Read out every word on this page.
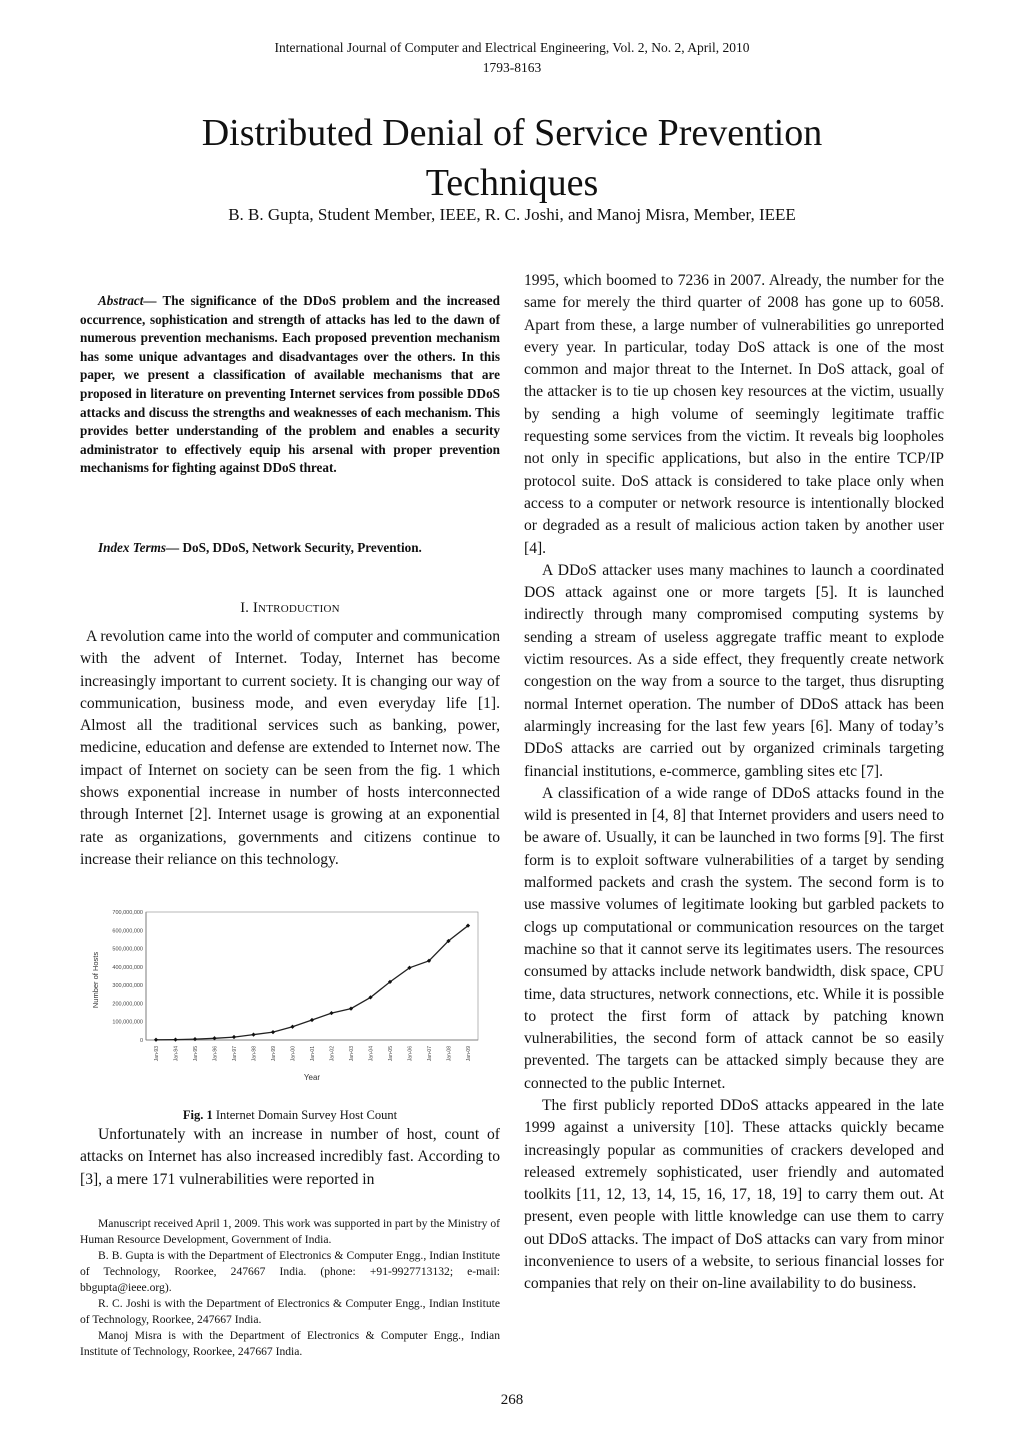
International Journal of Computer and Electrical Engineering, Vol. 2, No. 2, April, 2010
1793-8163
Distributed Denial of Service Prevention
Techniques
B. B. Gupta, Student Member, IEEE, R. C. Joshi, and Manoj Misra, Member, IEEE
Abstract— The significance of the DDoS problem and the increased occurrence, sophistication and strength of attacks has led to the dawn of numerous prevention mechanisms. Each proposed prevention mechanism has some unique advantages and disadvantages over the others. In this paper, we present a classification of available mechanisms that are proposed in literature on preventing Internet services from possible DDoS attacks and discuss the strengths and weaknesses of each mechanism. This provides better understanding of the problem and enables a security administrator to effectively equip his arsenal with proper prevention mechanisms for fighting against DDoS threat.
Index Terms— DoS, DDoS, Network Security, Prevention.
I. Introduction

A revolution came into the world of computer and communication with the advent of Internet. Today, Internet has become increasingly important to current society. It is changing our way of communication, business mode, and even everyday life [1]. Almost all the traditional services such as banking, power, medicine, education and defense are extended to Internet now. The impact of Internet on society can be seen from the fig. 1 which shows exponential increase in number of hosts interconnected through Internet [2]. Internet usage is growing at an exponential rate as organizations, governments and citizens continue to increase their reliance on this technology.

700,000,000
600,000,000
500,000,000
400,000,000
300,000,000
200,000,000
100,000,000
0
Jan-93	Jan-94	Jan-95	Jan-96	Jan-97	Jan-98	Jan-99	Jan-00	Jan-01	Jan-02	Jan-03	Jan-04	Jan-05	Jan-06	Jan-07	Jan-08	Jan-09
Number of Hosts
Year
Fig. 1 Internet Domain Survey Host Count

Unfortunately with an increase in number of host, count of attacks on Internet has also increased incredibly fast. According to [3], a mere 171 vulnerabilities were reported in

Manuscript received April 1, 2009. This work was supported in part by the Ministry of Human Resource Development, Government of India.

B. B. Gupta is with the Department of Electronics & Computer Engg., Indian Institute of Technology, Roorkee, 247667 India. (phone: +91-9927713132; e-mail: bbgupta@ieee.org).

R. C. Joshi is with the Department of Electronics & Computer Engg., Indian Institute of Technology, Roorkee, 247667 India.

Manoj Misra is with the Department of Electronics & Computer Engg., Indian Institute of Technology, Roorkee, 247667 India.

1995, which boomed to 7236 in 2007. Already, the number for the same for merely the third quarter of 2008 has gone up to 6058. Apart from these, a large number of vulnerabilities go unreported every year. In particular, today DoS attack is one of the most common and major threat to the Internet. In DoS attack, goal of the attacker is to tie up chosen key resources at the victim, usually by sending a high volume of seemingly legitimate traffic requesting some services from the victim. It reveals big loopholes not only in specific applications, but also in the entire TCP/IP protocol suite. DoS attack is considered to take place only when access to a computer or network resource is intentionally blocked or degraded as a result of malicious action taken by another user [4].

A DDoS attacker uses many machines to launch a coordinated DOS attack against one or more targets [5]. It is launched indirectly through many compromised computing systems by sending a stream of useless aggregate traffic meant to explode victim resources. As a side effect, they frequently create network congestion on the way from a source to the target, thus disrupting normal Internet operation. The number of DDoS attack has been alarmingly increasing for the last few years [6]. Many of today’s DDoS attacks are carried out by organized criminals targeting financial institutions, e-commerce, gambling sites etc [7].

A classification of a wide range of DDoS attacks found in the wild is presented in [4, 8] that Internet providers and users need to be aware of. Usually, it can be launched in two forms [9]. The first form is to exploit software vulnerabilities of a target by sending malformed packets and crash the system. The second form is to use massive volumes of legitimate looking but garbled packets to clogs up computational or communication resources on the target machine so that it cannot serve its legitimates users. The resources consumed by attacks include network bandwidth, disk space, CPU time, data structures, network connections, etc. While it is possible to protect the first form of attack by patching known vulnerabilities, the second form of attack cannot be so easily prevented. The targets can be attacked simply because they are connected to the public Internet.

The first publicly reported DDoS attacks appeared in the late 1999 against a university [10]. These attacks quickly became increasingly popular as communities of crackers developed and released extremely sophisticated, user friendly and automated toolkits [11, 12, 13, 14, 15, 16, 17, 18, 19] to carry them out. At present, even people with little knowledge can use them to carry out DDoS attacks. The impact of DoS attacks can vary from minor inconvenience to users of a website, to serious financial losses for companies that rely on their on-line availability to do business.

268
